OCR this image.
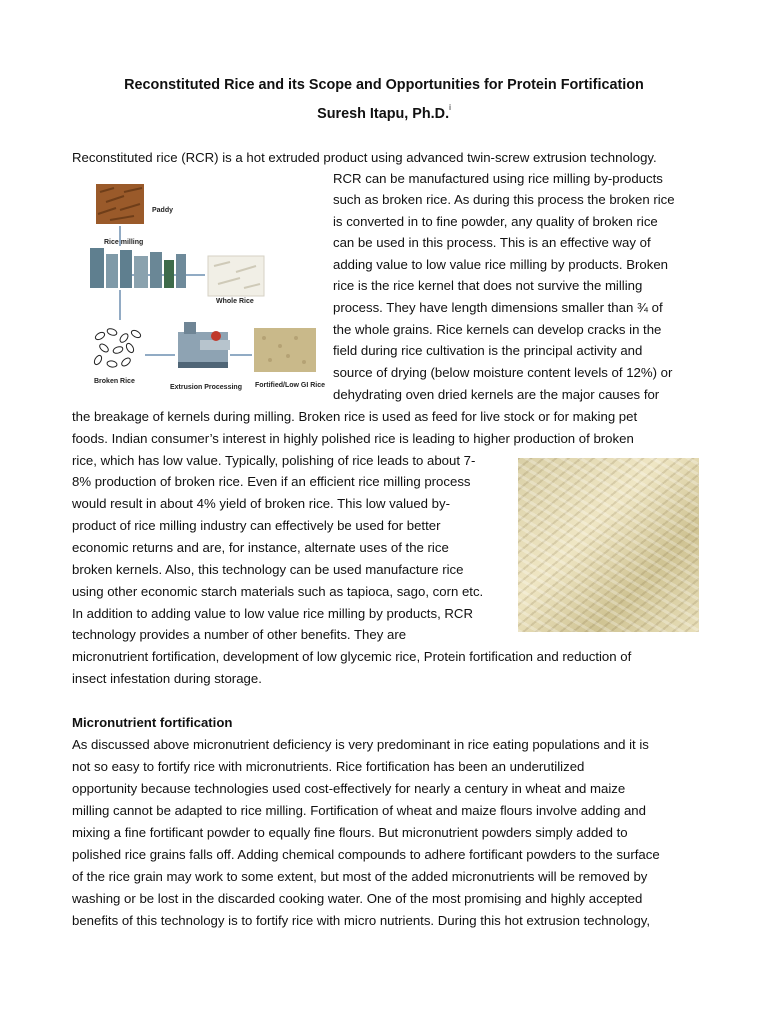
Reconstituted Rice and its Scope and Opportunities for Protein Fortification
Suresh Itapu, Ph.D.$^i$
Paddy
Rice milling
Whole Rice
Broken Rice
Extrusion Processing Fortified/Low GI Rice

Reconstituted rice (RCR) is a hot extruded product using advanced twin-screw extrusion technology.

RCR can be manufactured using rice milling by-products

such as broken rice. As during this process the broken rice

is converted in to fine powder, any quality of broken rice

can be used in this process. This is an effective way of

adding value to low value rice milling by products. Broken

rice is the rice kernel that does not survive the milling

process. They have length dimensions smaller than ¾ of

the whole grains. Rice kernels can develop cracks in the

field during rice cultivation is the principal activity and

source of drying (below moisture content levels of 12%) or

dehydrating oven dried kernels are the major causes for

the breakage of kernels during milling. Broken rice is used as feed for live stock or for making pet

foods. Indian consumer’s interest in highly polished rice is leading to higher production of broken

rice, which has low value. Typically, polishing of rice leads to about 7-

8% production of broken rice. Even if an efficient rice milling process

would result in about 4% yield of broken rice. This low valued by-

product of rice milling industry can effectively be used for better

economic returns and are, for instance, alternate uses of the rice

broken kernels. Also, this technology can be used manufacture rice

using other economic starch materials such as tapioca, sago, corn etc.

In addition to adding value to low value rice milling by products, RCR

technology provides a number of other benefits. They are

micronutrient fortification, development of low glycemic rice, Protein fortification and reduction of

insect infestation during storage.

Micronutrient fortification

As discussed above micronutrient deficiency is very predominant in rice eating populations and it is

not so easy to fortify rice with micronutrients. Rice fortification has been an underutilized

opportunity because technologies used cost-effectively for nearly a century in wheat and maize

milling cannot be adapted to rice milling. Fortification of wheat and maize flours involve adding and

mixing a fine fortificant powder to equally fine flours. But micronutrient powders simply added to

polished rice grains falls off. Adding chemical compounds to adhere fortificant powders to the surface

of the rice grain may work to some extent, but most of the added micronutrients will be removed by

washing or be lost in the discarded cooking water. One of the most promising and highly accepted

benefits of this technology is to fortify rice with micro nutrients. During this hot extrusion technology,
